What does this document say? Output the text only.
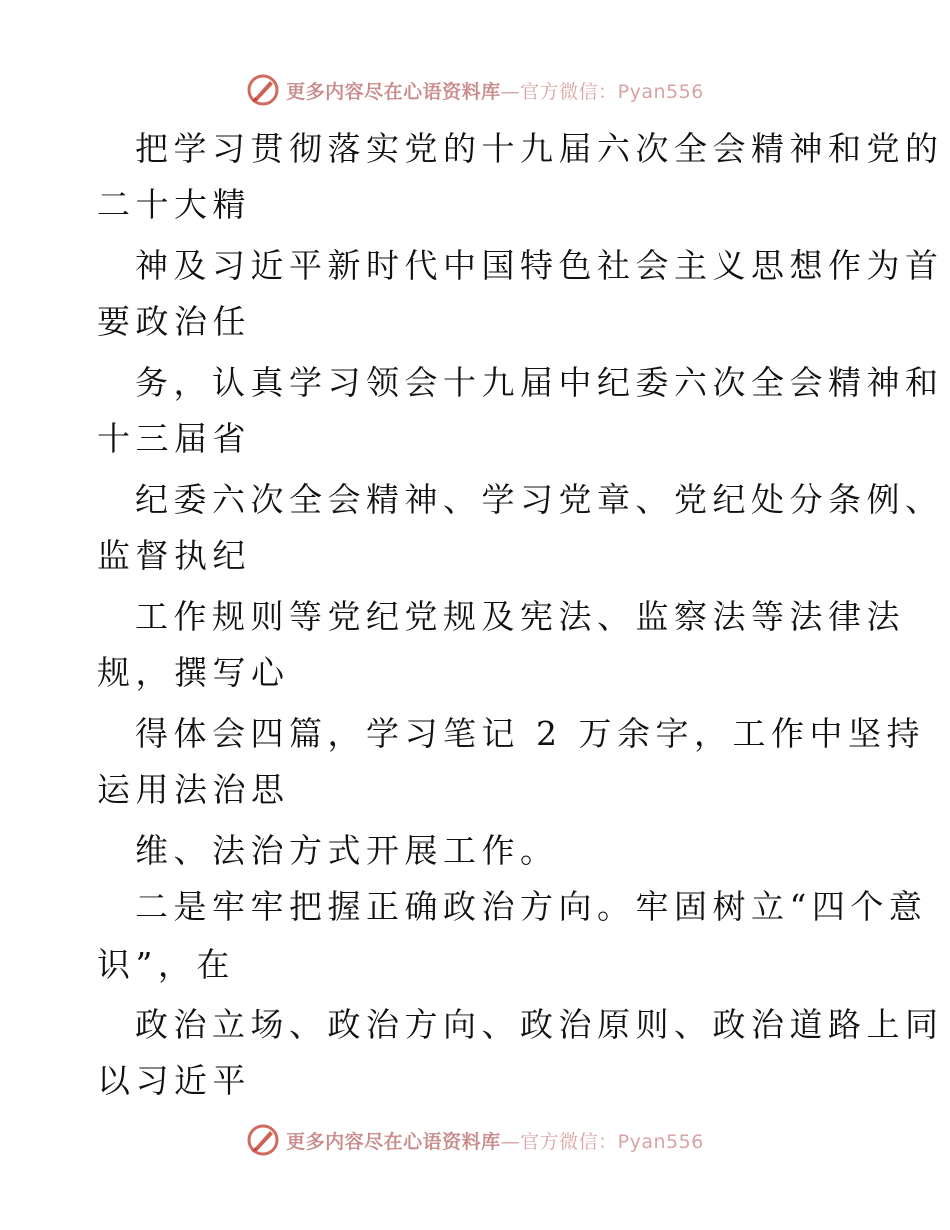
更多内容尽在心语资料库—官方微信：Pyan556
把学习贯彻落实党的十九届六次全会精神和党的
二十大精
神及习近平新时代中国特色社会主义思想作为首
要政治任
务，认真学习领会十九届中纪委六次全会精神和
十三届省
纪委六次全会精神、学习党章、党纪处分条例、
监督执纪
工作规则等党纪党规及宪法、监察法等法律法
规，撰写心
得体会四篇，学习笔记 2 万余字，工作中坚持
运用法治思
维、法治方式开展工作。
二是牢牢把握正确政治方向。牢固树立“四个意
识”，在
政治立场、政治方向、政治原则、政治道路上同
以习近平
更多内容尽在心语资料库—官方微信：Pyan556
